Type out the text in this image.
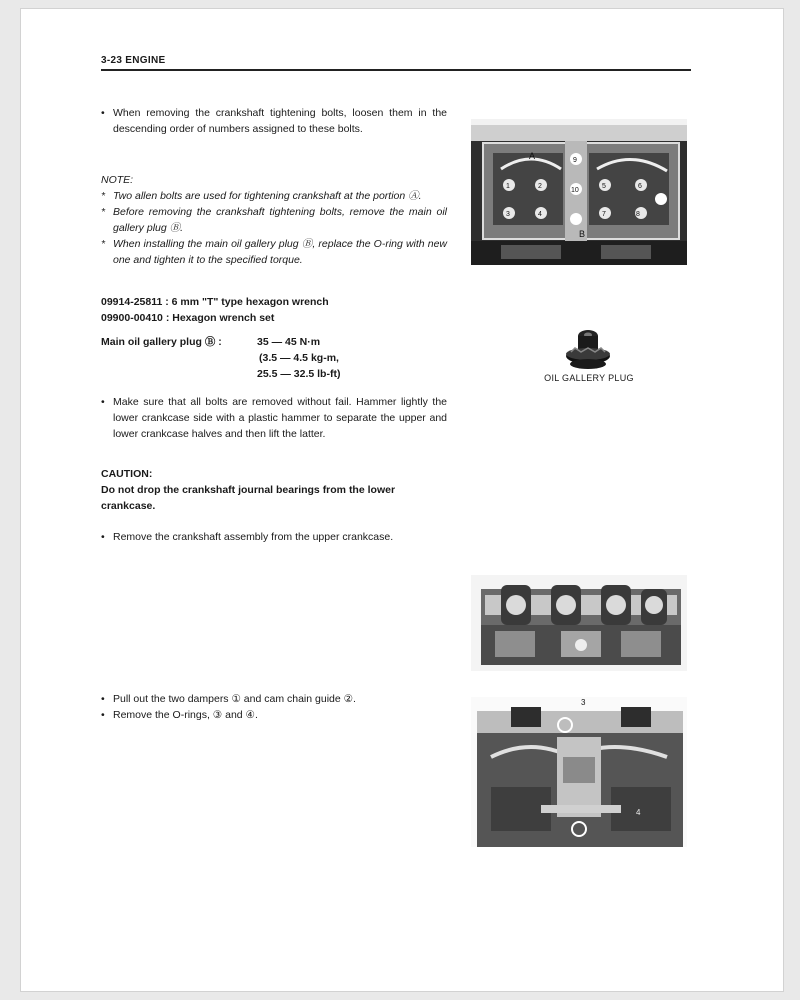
3-23 ENGINE
• When removing the crankshaft tightening bolts, loosen them in the descending order of numbers assigned to these bolts.
NOTE:
* Two allen bolts are used for tightening crankshaft at the portion Ⓐ.
* Before removing the crankshaft tightening bolts, remove the main oil gallery plug Ⓑ.
* When installing the main oil gallery plug Ⓑ, replace the O-ring with new one and tighten it to the specified torque.
09914-25811 : 6 mm "T" type hexagon wrench
09900-00410 : Hexagon wrench set
Main oil gallery plug Ⓑ :	35 — 45 N·m
(3.5 — 4.5 kg-m,
25.5 — 32.5 lb-ft)
• Make sure that all bolts are removed without fail. Hammer lightly the lower crankcase side with a plastic hammer to separate the upper and lower crankcase halves and then lift the latter.
CAUTION:
Do not drop the crankshaft journal bearings from the lower crankcase.
• Remove the crankshaft assembly from the upper crankcase.
• Pull out the two dampers ① and cam chain guide ②.
• Remove the O-rings, ③ and ④.
A
B
1	2
3	4
5	6
7	8
9
10
OIL GALLERY PLUG
3
4
